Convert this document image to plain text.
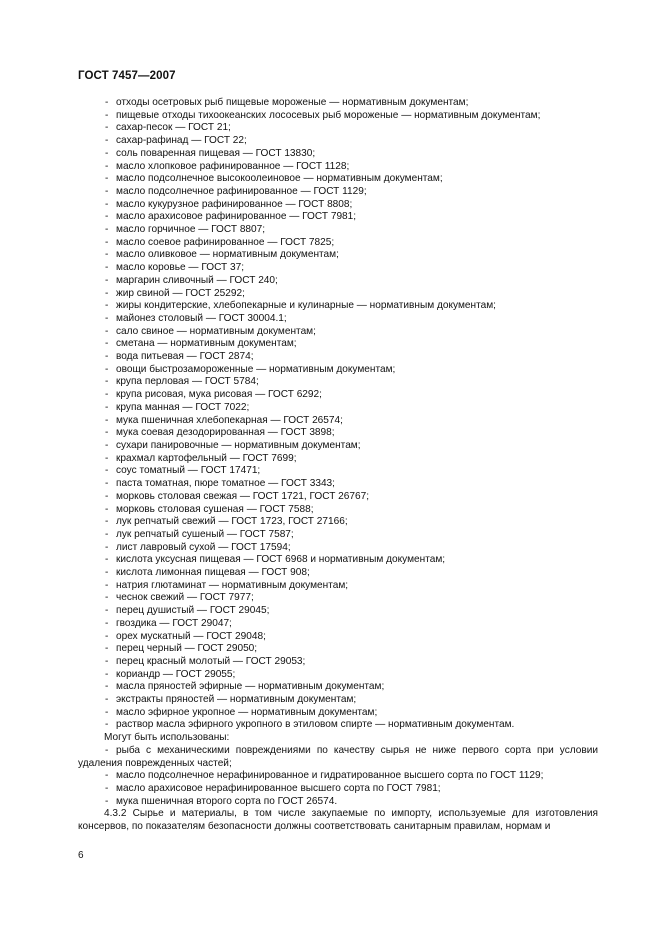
ГОСТ 7457—2007
- отходы осетровых рыб пищевые мороженые — нормативным документам;
- пищевые отходы тихоокеанских лососевых рыб мороженые — нормативным документам;
- сахар-песок — ГОСТ 21;
- сахар-рафинад — ГОСТ 22;
- соль поваренная пищевая — ГОСТ 13830;
- масло хлопковое рафинированное — ГОСТ 1128;
- масло подсолнечное высокоолеиновое — нормативным документам;
- масло подсолнечное рафинированное — ГОСТ 1129;
- масло кукурузное рафинированное — ГОСТ 8808;
- масло арахисовое рафинированное — ГОСТ 7981;
- масло горчичное — ГОСТ 8807;
- масло соевое рафинированное — ГОСТ 7825;
- масло оливковое — нормативным документам;
- масло коровье — ГОСТ 37;
- маргарин сливочный — ГОСТ 240;
- жир свиной — ГОСТ 25292;
- жиры кондитерские, хлебопекарные и кулинарные — нормативным документам;
- майонез столовый — ГОСТ 30004.1;
- сало свиное — нормативным документам;
- сметана — нормативным документам;
- вода питьевая — ГОСТ 2874;
- овощи быстрозамороженные — нормативным документам;
- крупа перловая — ГОСТ 5784;
- крупа рисовая, мука рисовая — ГОСТ 6292;
- крупа манная — ГОСТ 7022;
- мука пшеничная хлебопекарная — ГОСТ 26574;
- мука соевая дезодорированная — ГОСТ 3898;
- сухари панировочные — нормативным документам;
- крахмал картофельный — ГОСТ 7699;
- соус томатный — ГОСТ 17471;
- паста томатная, пюре томатное — ГОСТ 3343;
- морковь столовая свежая — ГОСТ 1721, ГОСТ 26767;
- морковь столовая сушеная — ГОСТ 7588;
- лук репчатый свежий — ГОСТ 1723, ГОСТ 27166;
- лук репчатый сушеный — ГОСТ 7587;
- лист лавровый сухой — ГОСТ 17594;
- кислота уксусная пищевая — ГОСТ 6968 и нормативным документам;
- кислота лимонная пищевая — ГОСТ 908;
- натрия глютаминат — нормативным документам;
- чеснок свежий — ГОСТ 7977;
- перец душистый — ГОСТ 29045;
- гвоздика — ГОСТ 29047;
- орех мускатный — ГОСТ 29048;
- перец черный — ГОСТ 29050;
- перец красный молотый — ГОСТ 29053;
- кориандр — ГОСТ 29055;
- масла пряностей эфирные — нормативным документам;
- экстракты пряностей — нормативным документам;
- масло эфирное укропное — нормативным документам;
- раствор масла эфирного укропного в этиловом спирте — нормативным документам.
Могут быть использованы:
- рыба с механическими повреждениями по качеству сырья не ниже первого сорта при условии удаления поврежденных частей;
- масло подсолнечное нерафинированное и гидратированное высшего сорта по ГОСТ 1129;
- масло арахисовое нерафинированное высшего сорта по ГОСТ 7981;
- мука пшеничная второго сорта по ГОСТ 26574.
4.3.2 Сырье и материалы, в том числе закупаемые по импорту, используемые для изготовления консервов, по показателям безопасности должны соответствовать санитарным правилам, нормам и
6
